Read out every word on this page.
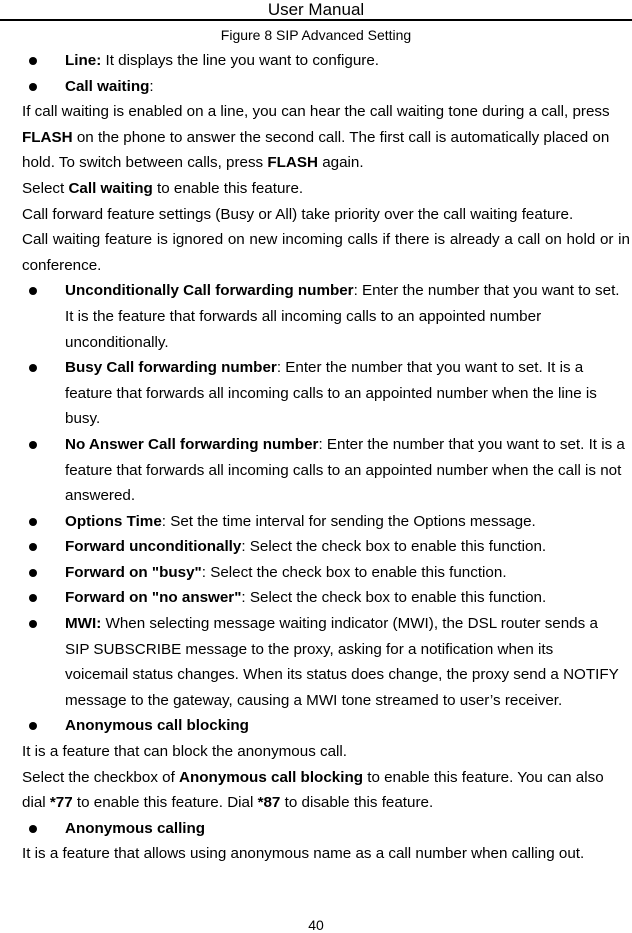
User Manual
Figure 8 SIP Advanced Setting
Line: It displays the line you want to configure.
Call waiting:
If call waiting is enabled on a line, you can hear the call waiting tone during a call, press FLASH on the phone to answer the second call. The first call is automatically placed on hold. To switch between calls, press FLASH again.
Select Call waiting to enable this feature.
Call forward feature settings (Busy or All) take priority over the call waiting feature.
Call waiting feature is ignored on new incoming calls if there is already a call on hold or in conference.
Unconditionally Call forwarding number: Enter the number that you want to set. It is the feature that forwards all incoming calls to an appointed number unconditionally.
Busy Call forwarding number: Enter the number that you want to set. It is a feature that forwards all incoming calls to an appointed number when the line is busy.
No Answer Call forwarding number: Enter the number that you want to set. It is a feature that forwards all incoming calls to an appointed number when the call is not answered.
Options Time: Set the time interval for sending the Options message.
Forward unconditionally: Select the check box to enable this function.
Forward on "busy": Select the check box to enable this function.
Forward on "no answer": Select the check box to enable this function.
MWI: When selecting message waiting indicator (MWI), the DSL router sends a SIP SUBSCRIBE message to the proxy, asking for a notification when its voicemail status changes. When its status does change, the proxy send a NOTIFY message to the gateway, causing a MWI tone streamed to user’s receiver.
Anonymous call blocking
It is a feature that can block the anonymous call.
Select the checkbox of Anonymous call blocking to enable this feature. You can also dial *77 to enable this feature. Dial *87 to disable this feature.
Anonymous calling
It is a feature that allows using anonymous name as a call number when calling out.
40
